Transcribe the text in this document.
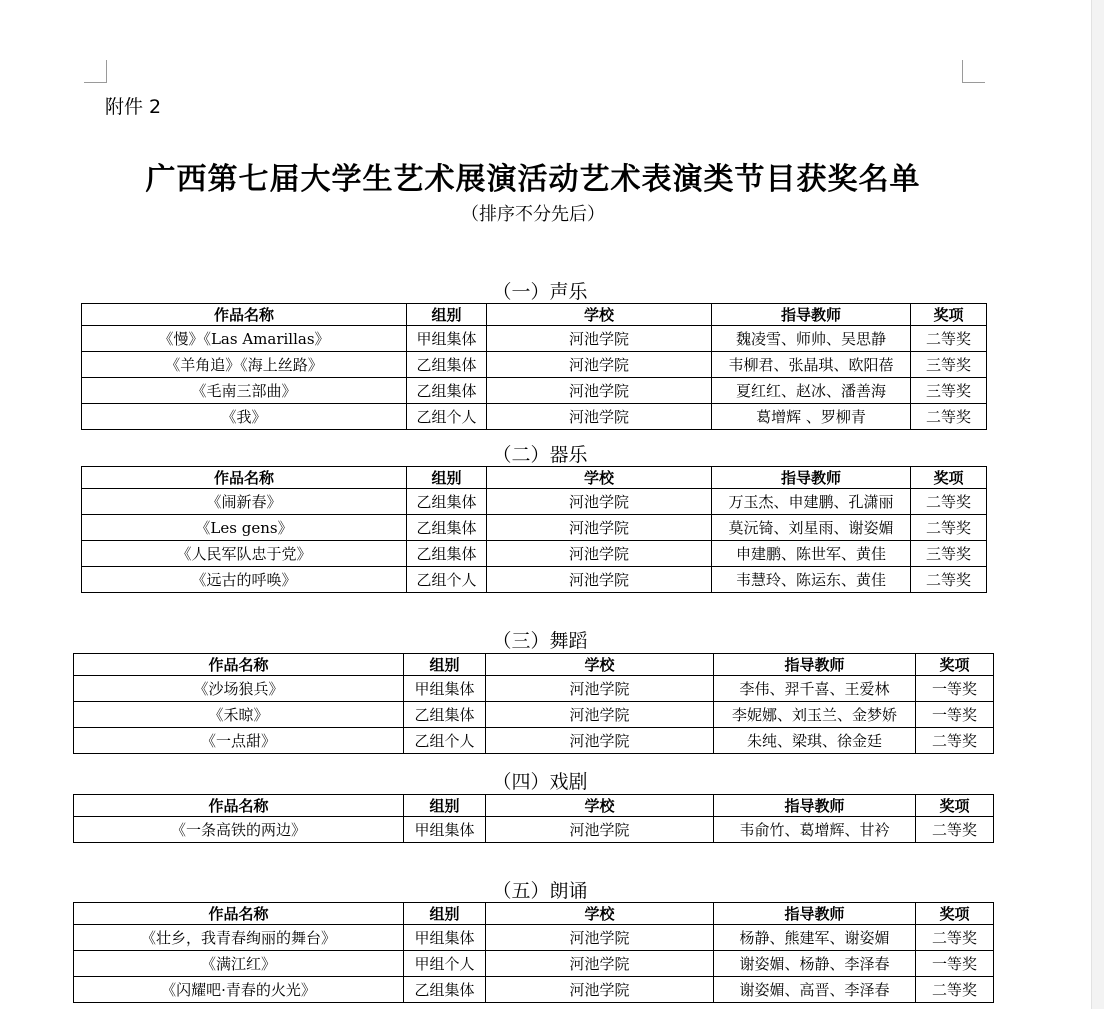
附件 2
广西第七届大学生艺术展演活动艺术表演类节目获奖名单
（排序不分先后）
（一）声乐
作品名称	组别	学校	指导教师	奖项
《慢》《Las Amarillas》	甲组集体	河池学院	魏凌雪、师帅、吴思静	二等奖
《羊角追》《海上丝路》	乙组集体	河池学院	韦柳君、张晶琪、欧阳蓓	三等奖
《毛南三部曲》	乙组集体	河池学院	夏红红、赵冰、潘善海	三等奖
《我》	乙组个人	河池学院	葛增辉 、罗柳青	二等奖
（二）器乐
作品名称	组别	学校	指导教师	奖项
《闹新春》	乙组集体	河池学院	万玉杰、申建鹏、孔潇丽	二等奖
《Les gens》	乙组集体	河池学院	莫沅锜、刘星雨、谢姿媚	二等奖
《人民军队忠于党》	乙组集体	河池学院	申建鹏、陈世军、黄佳	三等奖
《远古的呼唤》	乙组个人	河池学院	韦慧玲、陈运东、黄佳	二等奖
（三）舞蹈
作品名称	组别	学校	指导教师	奖项
《沙场狼兵》	甲组集体	河池学院	李伟、羿千喜、王爱林	一等奖
《禾晾》	乙组集体	河池学院	李妮娜、刘玉兰、金梦娇	一等奖
《一点甜》	乙组个人	河池学院	朱纯、梁琪、徐金廷	二等奖
（四）戏剧
作品名称	组别	学校	指导教师	奖项
《一条高铁的两边》	甲组集体	河池学院	韦俞竹、葛增辉、甘衿	二等奖
（五）朗诵
作品名称	组别	学校	指导教师	奖项
《壮乡，我青春绚丽的舞台》	甲组集体	河池学院	杨静、熊建军、谢姿媚	二等奖
《满江红》	甲组个人	河池学院	谢姿媚、杨静、李泽春	一等奖
《闪耀吧·青春的火光》	乙组集体	河池学院	谢姿媚、高晋、李泽春	二等奖
